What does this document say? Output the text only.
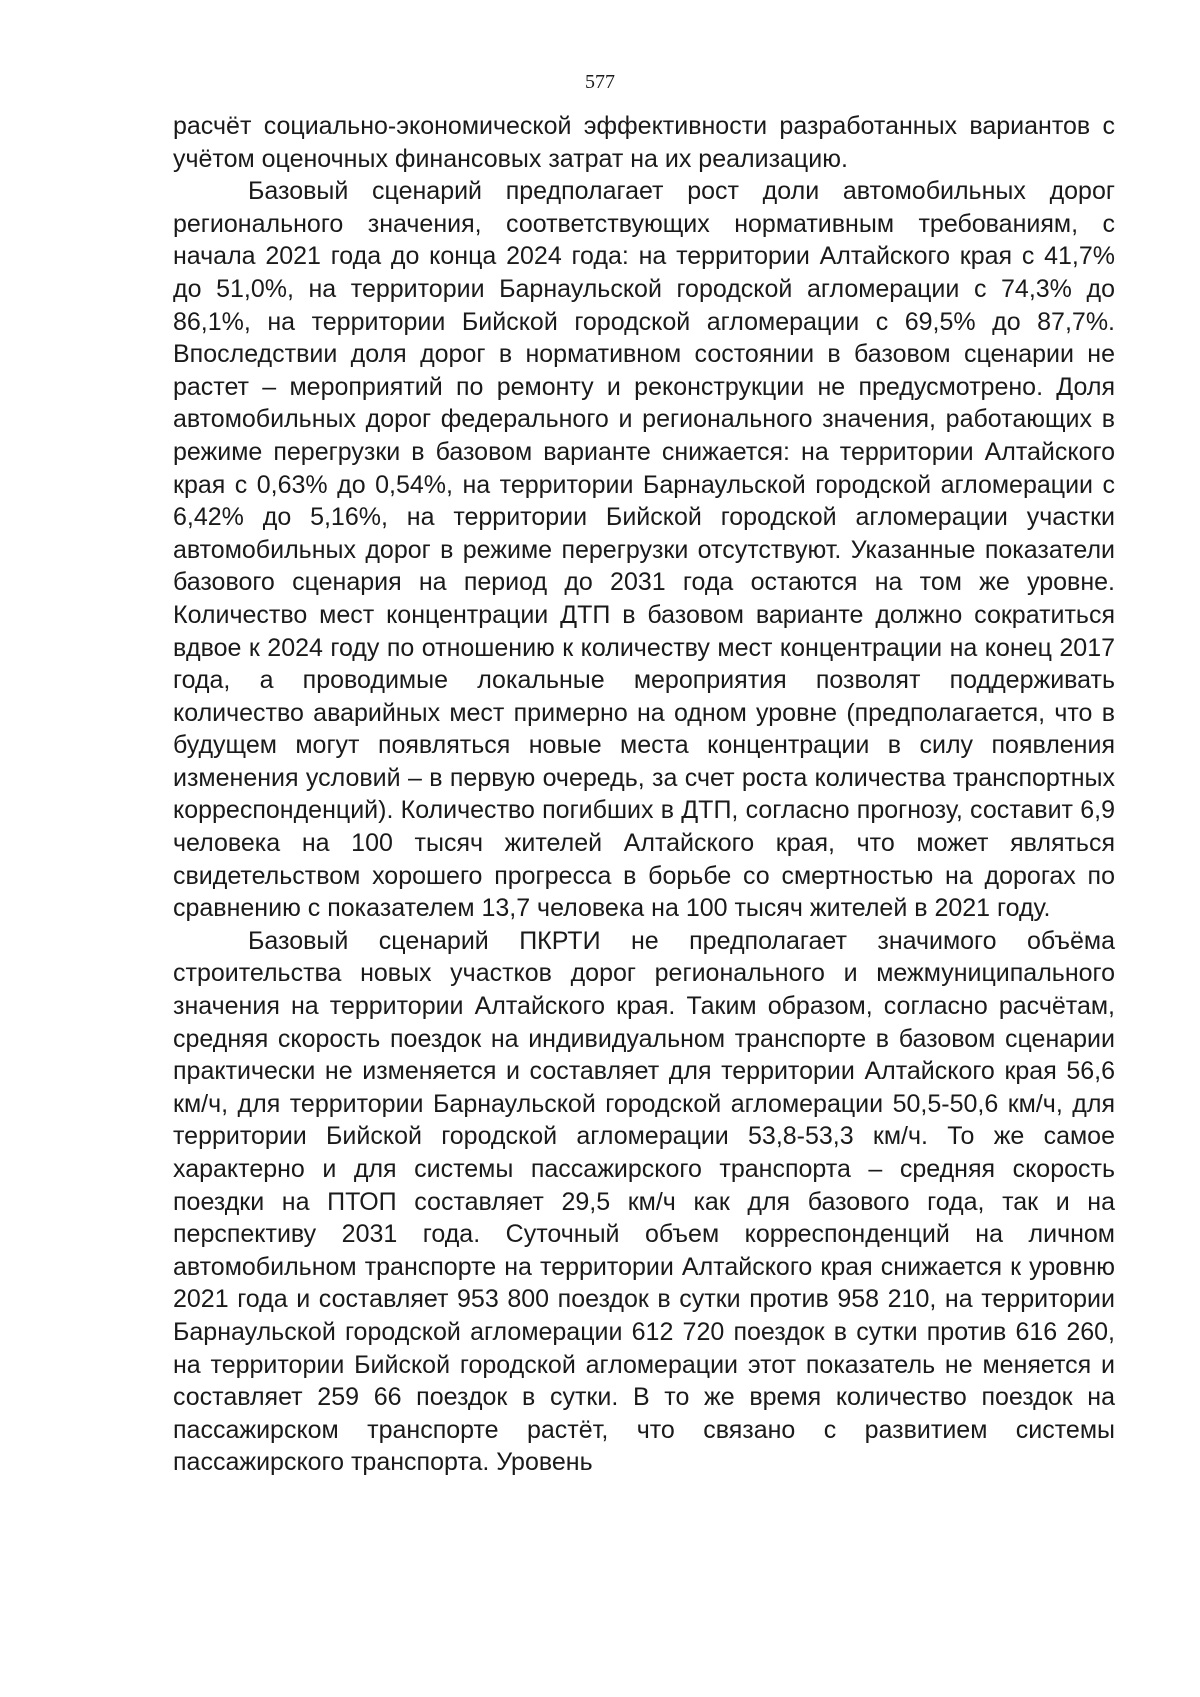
577

расчёт социально-экономической эффективности разработанных вариантов с учётом оценочных финансовых затрат на их реализацию.

Базовый сценарий предполагает рост доли автомобильных дорог регионального значения, соответствующих нормативным требованиям, с начала 2021 года до конца 2024 года: на территории Алтайского края с 41,7% до 51,0%, на территории Барнаульской городской агломерации с 74,3% до 86,1%, на территории Бийской городской агломерации с 69,5% до 87,7%. Впоследствии доля дорог в нормативном состоянии в базовом сценарии не растет – мероприятий по ремонту и реконструкции не предусмотрено. Доля автомобильных дорог федерального и регионального значения, работающих в режиме перегрузки в базовом варианте снижается: на территории Алтайского края с 0,63% до 0,54%, на территории Барнаульской городской агломерации с 6,42% до 5,16%, на территории Бийской городской агломерации участки автомобильных дорог в режиме перегрузки отсутствуют. Указанные показатели базового сценария на период до 2031 года остаются на том же уровне. Количество мест концентрации ДТП в базовом варианте должно сократиться вдвое к 2024 году по отношению к количеству мест концентрации на конец 2017 года, а проводимые локальные мероприятия позволят поддерживать количество аварийных мест примерно на одном уровне (предполагается, что в будущем могут появляться новые места концентрации в силу появления изменения условий – в первую очередь, за счет роста количества транспортных корреспонденций). Количество погибших в ДТП, согласно прогнозу, составит 6,9 человека на 100 тысяч жителей Алтайского края, что может являться свидетельством хорошего прогресса в борьбе со смертностью на дорогах по сравнению с показателем 13,7 человека на 100 тысяч жителей в 2021 году.

Базовый сценарий ПКРТИ не предполагает значимого объёма строительства новых участков дорог регионального и межмуниципального значения на территории Алтайского края. Таким образом, согласно расчётам, средняя скорость поездок на индивидуальном транспорте в базовом сценарии практически не изменяется и составляет для территории Алтайского края 56,6 км/ч, для территории Барнаульской городской агломерации 50,5-50,6 км/ч, для территории Бийской городской агломерации 53,8-53,3 км/ч. То же самое характерно и для системы пассажирского транспорта – средняя скорость поездки на ПТОП составляет 29,5 км/ч как для базового года, так и на перспективу 2031 года. Суточный объем корреспонденций на личном автомобильном транспорте на территории Алтайского края снижается к уровню 2021 года и составляет 953 800 поездок в сутки против 958 210, на территории Барнаульской городской агломерации 612 720 поездок в сутки против 616 260, на территории Бийской городской агломерации этот показатель не меняется и составляет 259 66 поездок в сутки. В то же время количество поездок на пассажирском транспорте растёт, что связано с развитием системы пассажирского транспорта. Уровень
